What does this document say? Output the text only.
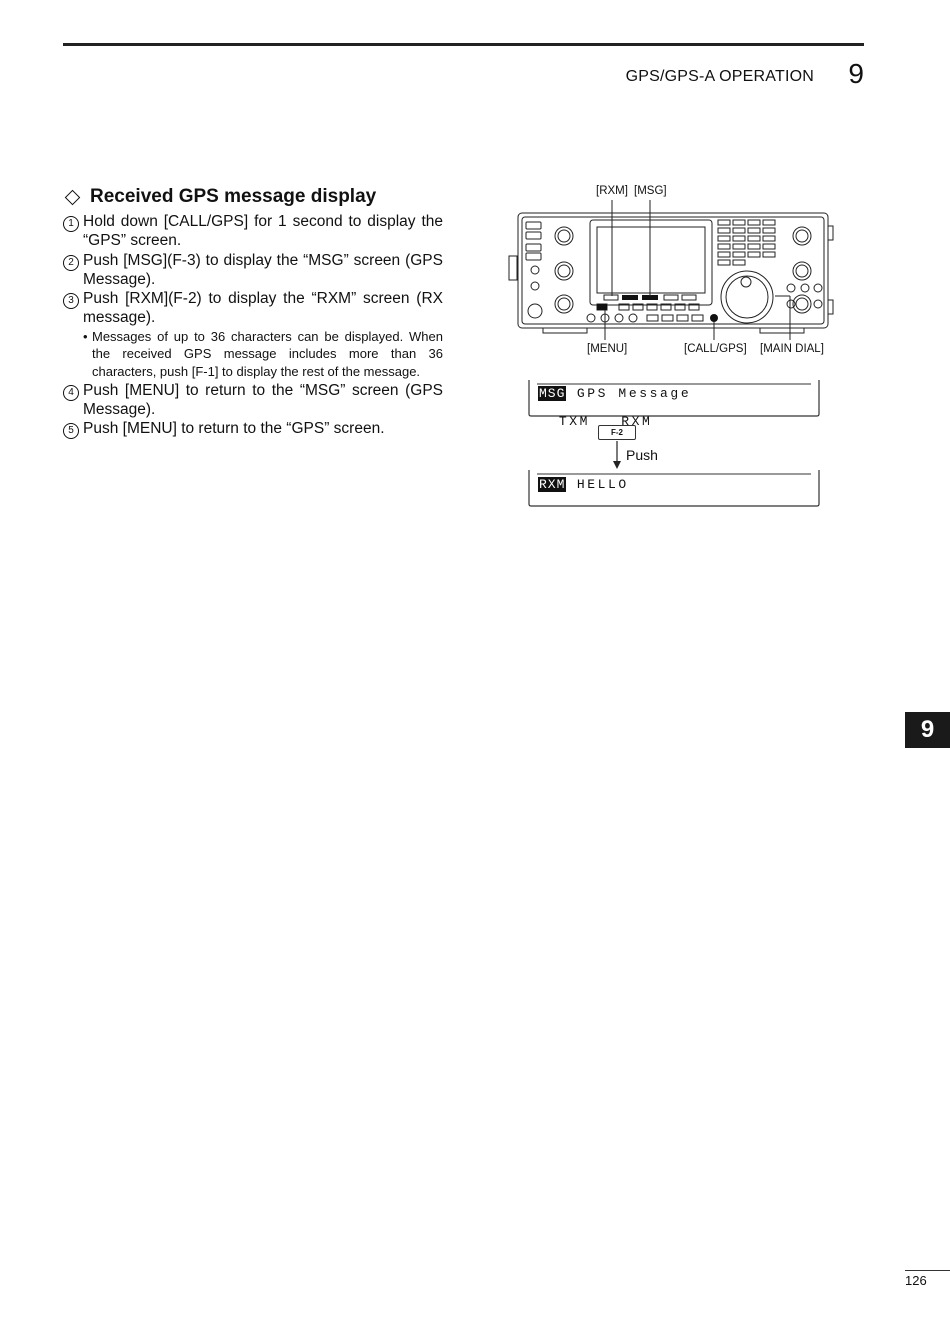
GPS/GPS-A OPERATION 9
Received GPS message display
1 Hold down [CALL/GPS] for 1 second to display the “GPS” screen.
2 Push [MSG](F-3) to display the “MSG” screen (GPS Message).
3 Push [RXM](F-2) to display the “RXM” screen (RX message).
• Messages of up to 36 characters can be displayed. When the received GPS message includes more than 36 characters, push [F-1] to display the rest of the message.
4 Push [MENU] to return to the “MSG” screen (GPS Message).
5 Push [MENU] to return to the “GPS” screen.
[RXM] [MSG]
[MENU]	[CALL/GPS] [MAIN DIAL]
MSG GPS Message

TXM   RXM

F-2
Push
RXM HELLO
9
126
